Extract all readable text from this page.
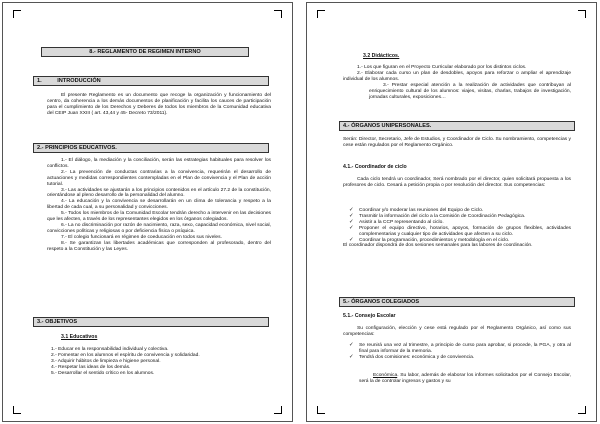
8.- REGLAMENTO DE REGIMEN INTERNO
1.          INTRODUCCIÓN
El presente Reglamento es un documento que recoge la organización y funcionamiento del centro, da coherencia a los demás documentos de planificación y facilita los cauces de participación para el cumplimiento de los Derechos y Deberes de todos los miembros de la Comunidad educativa del CEIP Juan XXIII ( art. 43,44 y 45- Decreto 73/2011).
2.- PRINCIPIOS EDUCATIVOS.

1.- El diálogo, la mediación y la conciliación, serán las estrategias habituales para resolver los conflictos.

2.- La prevención de conductas contrarias a la convivencia, requerirán el desarrollo de actuaciones y medidas correspondientes contempladas en el Plan de convivencia y el Plan de acción tutorial.

3.- Las actividades se ajustarán a los principios contenidos en el artículo 27.2 de la constitución, orientándose al pleno desarrollo de la personalidad del alumno.

4.- La educación y la convivencia se desarrollarán en un clima de tolerancia y respeto a la libertad de cada cual, a su personalidad y convicciones.

5.- Todos los miembros de la Comunidad Escolar tendrán derecho a intervenir en las decisiones que les afecten, a través de los representantes elegidos en los órganos colegiados.

6.- La no discriminación por razón de nacimiento, raza, sexo, capacidad económica, nivel social, convicciones políticas y religiosas o por deficiencia física o psíquica.

7.- El colegio funcionará en régimen de coeducación en todos sus niveles.

8.- Se garantizan las libertades académicas que corresponden al profesorado, dentro del respeto a la Constitución y las Leyes.

3.- OBJETIVOS
3.1 Educativos

1.- Educar en la responsabilidad individual y colectiva.

2.- Fomentar en los alumnos el espíritu de convivencia y solidaridad.

3.- Adquirir hábitos de limpieza e higiene personal.

4.- Respetar las ideas de los demás.

5.- Desarrollar el sentido crítico en los alumnos.

3.2 Didácticos.

1.- Los que figuran en el Proyecto Curricular elaborado por los distintos ciclos.

2.- Elaborar cada curso un plan de desdobles, apoyos para reforzar o ampliar el aprendizaje individual de los alumnos.

3.- Prestar especial atención a la realización de actividades que contribuyan al enriquecimiento cultural de los alumnos: viajes, visitas, charlas, trabajos de investigación, jornadas culturales, exposiciones…

4.- ÓRGANOS UNIPERSONALES.
Serán: Director, Secretario, Jefe de Estudios, y Coordinador de Ciclo. Su nombramiento, competencias y cese están regulados por el Reglamento Orgánico.
4.1.- Coordinador de ciclo
Cada ciclo tendrá un coordinador, Será nombrado por el director, quien solicitará propuesta a los profesores de ciclo. Cesará a petición propia o por resolución del director. Sus competencias:
✓ Coordinar y/o moderar las reuniones del Equipo de Ciclo.
✓ Trasmitir la información del ciclo a la Comisión de Coordinación Pedagógica.
✓ Asistir a la CCP representando al ciclo.
✓ Proponer el equipo directivo, horarios, apoyos, formación de grupos flexibles, actividades complementarias y cualquier tipo de actividades que afecten a su ciclo.
✓ Coordinar la programación, procedimientos y metodología en el ciclo.

El coordinador dispondrá de dos sesiones semanales para las labores de coordinación.

5.- ÓRGANOS COLEGIADOS
5.1.- Consejo Escolar
Su configuración, elección y cese está regulado por el Reglamento Orgánico, así como sus competencias:
✓ Se reunirá una vez al trimestre, a principio de curso para aprobar, si procede, la PGA, y otra al final para informar de la memoria.
✓ Tendrá dos comisiones: económica y de convivencia.
Económica. Su labor, además de elaborar los informes solicitados por el Consejo Escolar, será la de controlar ingresos y gastos y su
